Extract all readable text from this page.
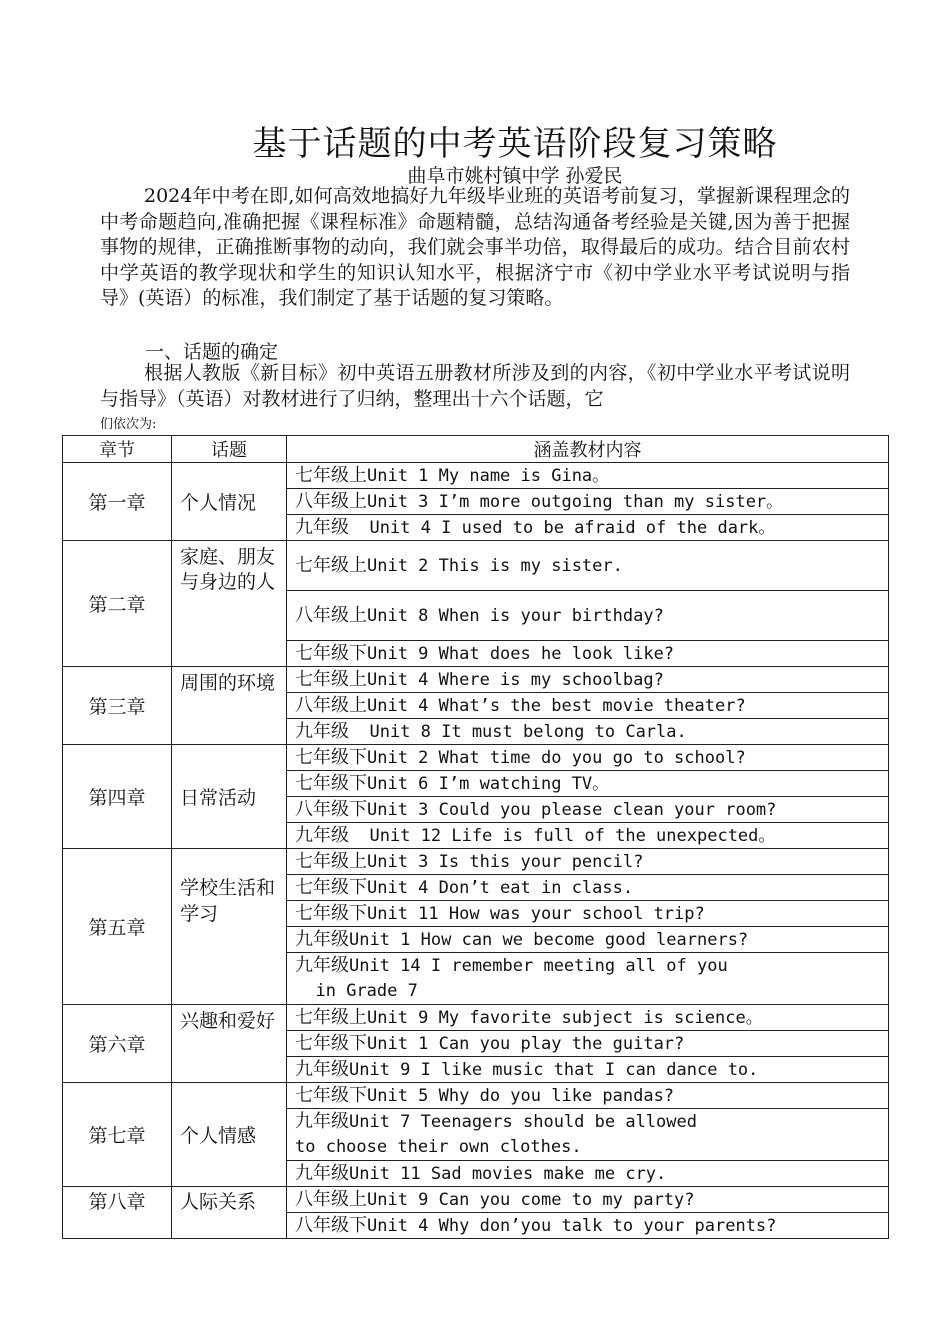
基于话题的中考英语阶段复习策略
曲阜市姚村镇中学 孙爱民
2024年中考在即,如何高效地搞好九年级毕业班的英语考前复习，掌握新课程理念的中考命题趋向,准确把握《课程标准》命题精髓，总结沟通备考经验是关键,因为善于把握事物的规律，正确推断事物的动向，我们就会事半功倍，取得最后的成功。结合目前农村中学英语的教学现状和学生的知识认知水平，根据济宁市《初中学业水平考试说明与指导》(英语）的标准，我们制定了基于话题的复习策略。
一、话题的确定
根据人教版《新目标》初中英语五册教材所涉及到的内容，《初中学业水平考试说明与指导》（英语）对教材进行了归纳，整理出十六个话题，它
们依次为:
章节	话题	涵盖教材内容
第一章	个人情况	七年级上Unit 1 My name is Gina。
		八年级上Unit 3 I’m more outgoing than my sister。
		九年级  Unit 4 I used to be afraid of the dark。
第二章	家庭、朋友
与身边的人	七年级上Unit 2 This is my sister.
		八年级上Unit 8 When is your birthday?
		七年级下Unit 9 What does he look like?
第三章	周围的环境	七年级上Unit 4 Where is my schoolbag?
		八年级上Unit 4 What’s the best movie theater?
		九年级  Unit 8 It must belong to Carla.
第四章	日常活动	七年级下Unit 2 What time do you go to school?
		七年级下Unit 6 I’m watching TV。
		八年级下Unit 3 Could you please clean your room?
		九年级  Unit 12 Life is full of the unexpected。
第五章	学校生活和学习	七年级上Unit 3 Is this your pencil?
		七年级下Unit 4 Don’t eat in class.
		七年级下Unit 11 How was your school trip?
		九年级Unit 1 How can we become good learners?
		九年级Unit 14 I remember meeting all of you
in Grade 7
第六章	兴趣和爱好	七年级上Unit 9 My favorite subject is science。
		七年级下Unit 1 Can you play the guitar?
		九年级Unit 9 I like music that I can dance to.
第七章	个人情感	七年级下Unit 5 Why do you like pandas?
		九年级Unit 7 Teenagers should be allowed
to choose their own clothes.
		九年级Unit 11 Sad movies make me cry.
第八章	人际关系	八年级上Unit 9 Can you come to my party?
		八年级下Unit 4 Why don’you talk to your parents?
